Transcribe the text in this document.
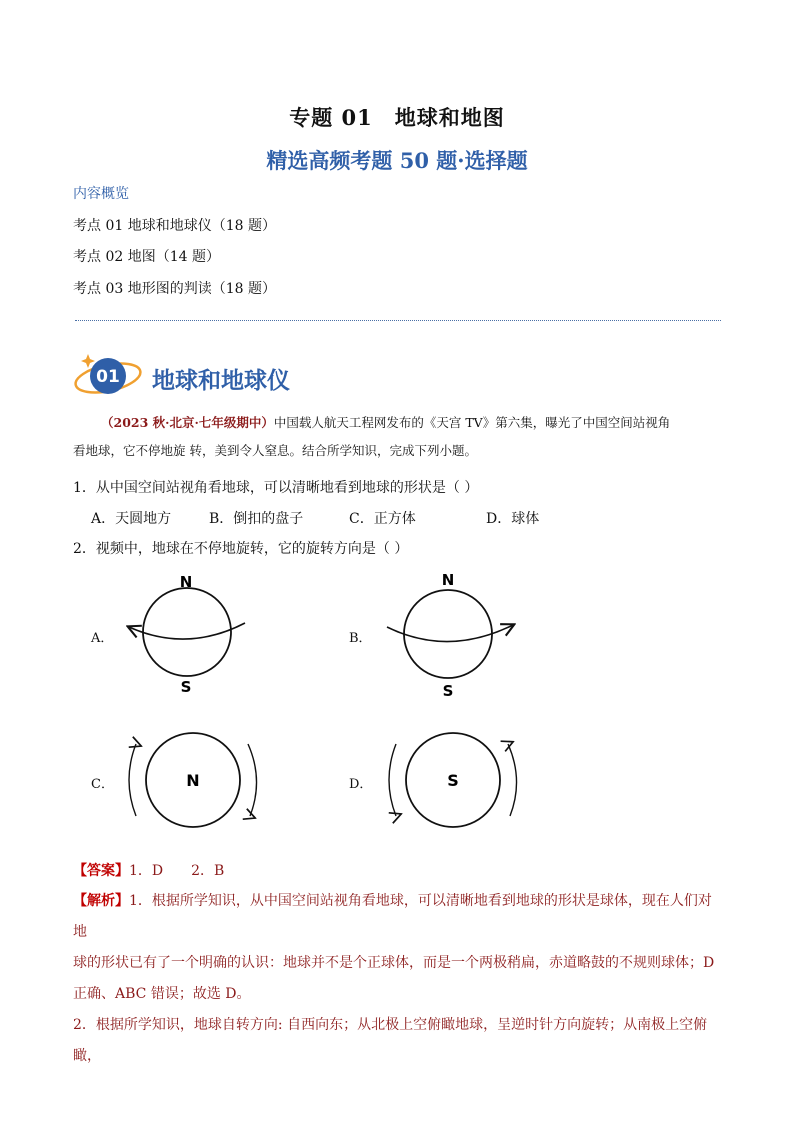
专题 01　地球和地图
精选高频考题 50 题·选择题
内容概览
考点 01 地球和地球仪（18 题）
考点 02 地图（14 题）
考点 03 地形图的判读（18 题）
01 地球和地球仪
（2023 秋·北京·七年级期中）中国载人航天工程网发布的《天宫 TV》第六集，曝光了中国空间站视角
看地球，它不停地旋 转，美到令人窒息。结合所学知识，完成下列小题。
1．从中国空间站视角看地球，可以清晰地看到地球的形状是（ ）
A．天圆地方	B．倒扣的盘子	C．正方体	D．球体
2．视频中，地球在不停地旋转，它的旋转方向是（ ）
A．	B．
C．	D．
N
S
N
S
N	S
【答案】1．D　　2．B
【解析】1．根据所学知识，从中国空间站视角看地球，可以清晰地看到地球的形状是球体，现在人们对地
球的形状已有了一个明确的认识：地球并不是个正球体，而是一个两极稍扁，赤道略鼓的不规则球体；D
正确、ABC 错误；故选 D。
2．根据所学知识，地球自转方向: 自西向东；从北极上空俯瞰地球，呈逆时针方向旋转；从南极上空俯瞰，
